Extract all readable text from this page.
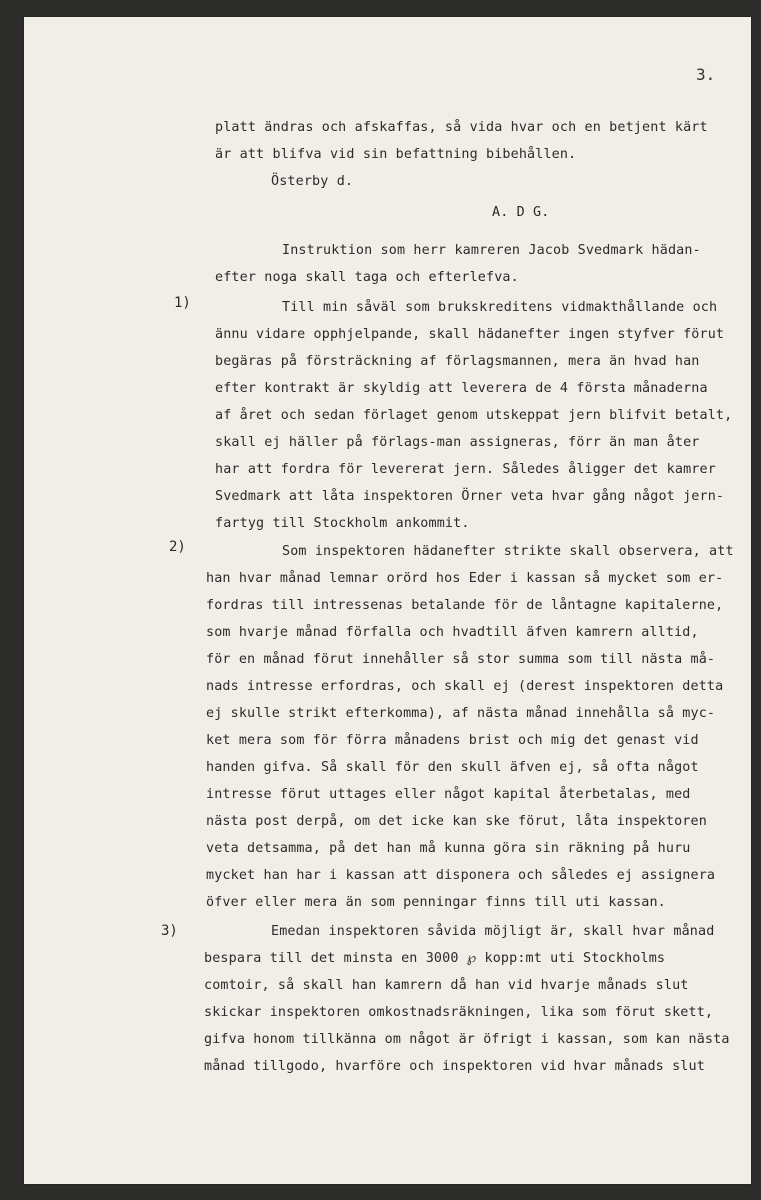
3.
platt ändras och afskaffas, så vida hvar och en betjent kärt
är att blifva vid sin befattning bibehållen.
Österby d.
A. D G.
Instruktion som herr kamreren Jacob Svedmark hädan-
efter noga skall taga och efterlefva.
1)	Till min såväl som brukskreditens vidmakthållande och
ännu vidare opphjelpande, skall hädanefter ingen styfver förut
begäras på försträckning af förlagsmannen, mera än hvad han
efter kontrakt är skyldig att leverera de 4 första månaderna
af året och sedan förlaget genom utskeppat jern blifvit betalt,
skall ej häller på förlags-man assigneras, förr än man åter
har att fordra för levererat jern. Således åligger det kamrer
Svedmark att låta inspektoren Örner veta hvar gång något jern-
fartyg till Stockholm ankommit.
2)	Som inspektoren hädanefter strikte skall observera, att
han hvar månad lemnar orörd hos Eder i kassan så mycket som er-
fordras till intressenas betalande för de låntagne kapitalerne,
som hvarje månad förfalla och hvadtill äfven kamrern alltid,
för en månad förut innehåller så stor summa som till nästa må-
nads intresse erfordras, och skall ej (derest inspektoren detta
ej skulle strikt efterkomma), af nästa månad innehålla så myc-
ket mera som för förra månadens brist och mig det genast vid
handen gifva. Så skall för den skull äfven ej, så ofta något
intresse förut uttages eller något kapital återbetalas, med
nästa post derpå, om det icke kan ske förut, låta inspektoren
veta detsamma, på det han må kunna göra sin räkning på huru
mycket han har i kassan att disponera och således ej assignera
öfver eller mera än som penningar finns till uti kassan.
3)	Emedan inspektoren såvida möjligt är, skall hvar månad
bespara till det minsta en 3000 ℘ kopp:mt uti Stockholms
comtoir, så skall han kamrern då han vid hvarje månads slut
skickar inspektoren omkostnadsräkningen, lika som förut skett,
gifva honom tillkänna om något är öfrigt i kassan, som kan nästa
månad tillgodo, hvarföre och inspektoren vid hvar månads slut
